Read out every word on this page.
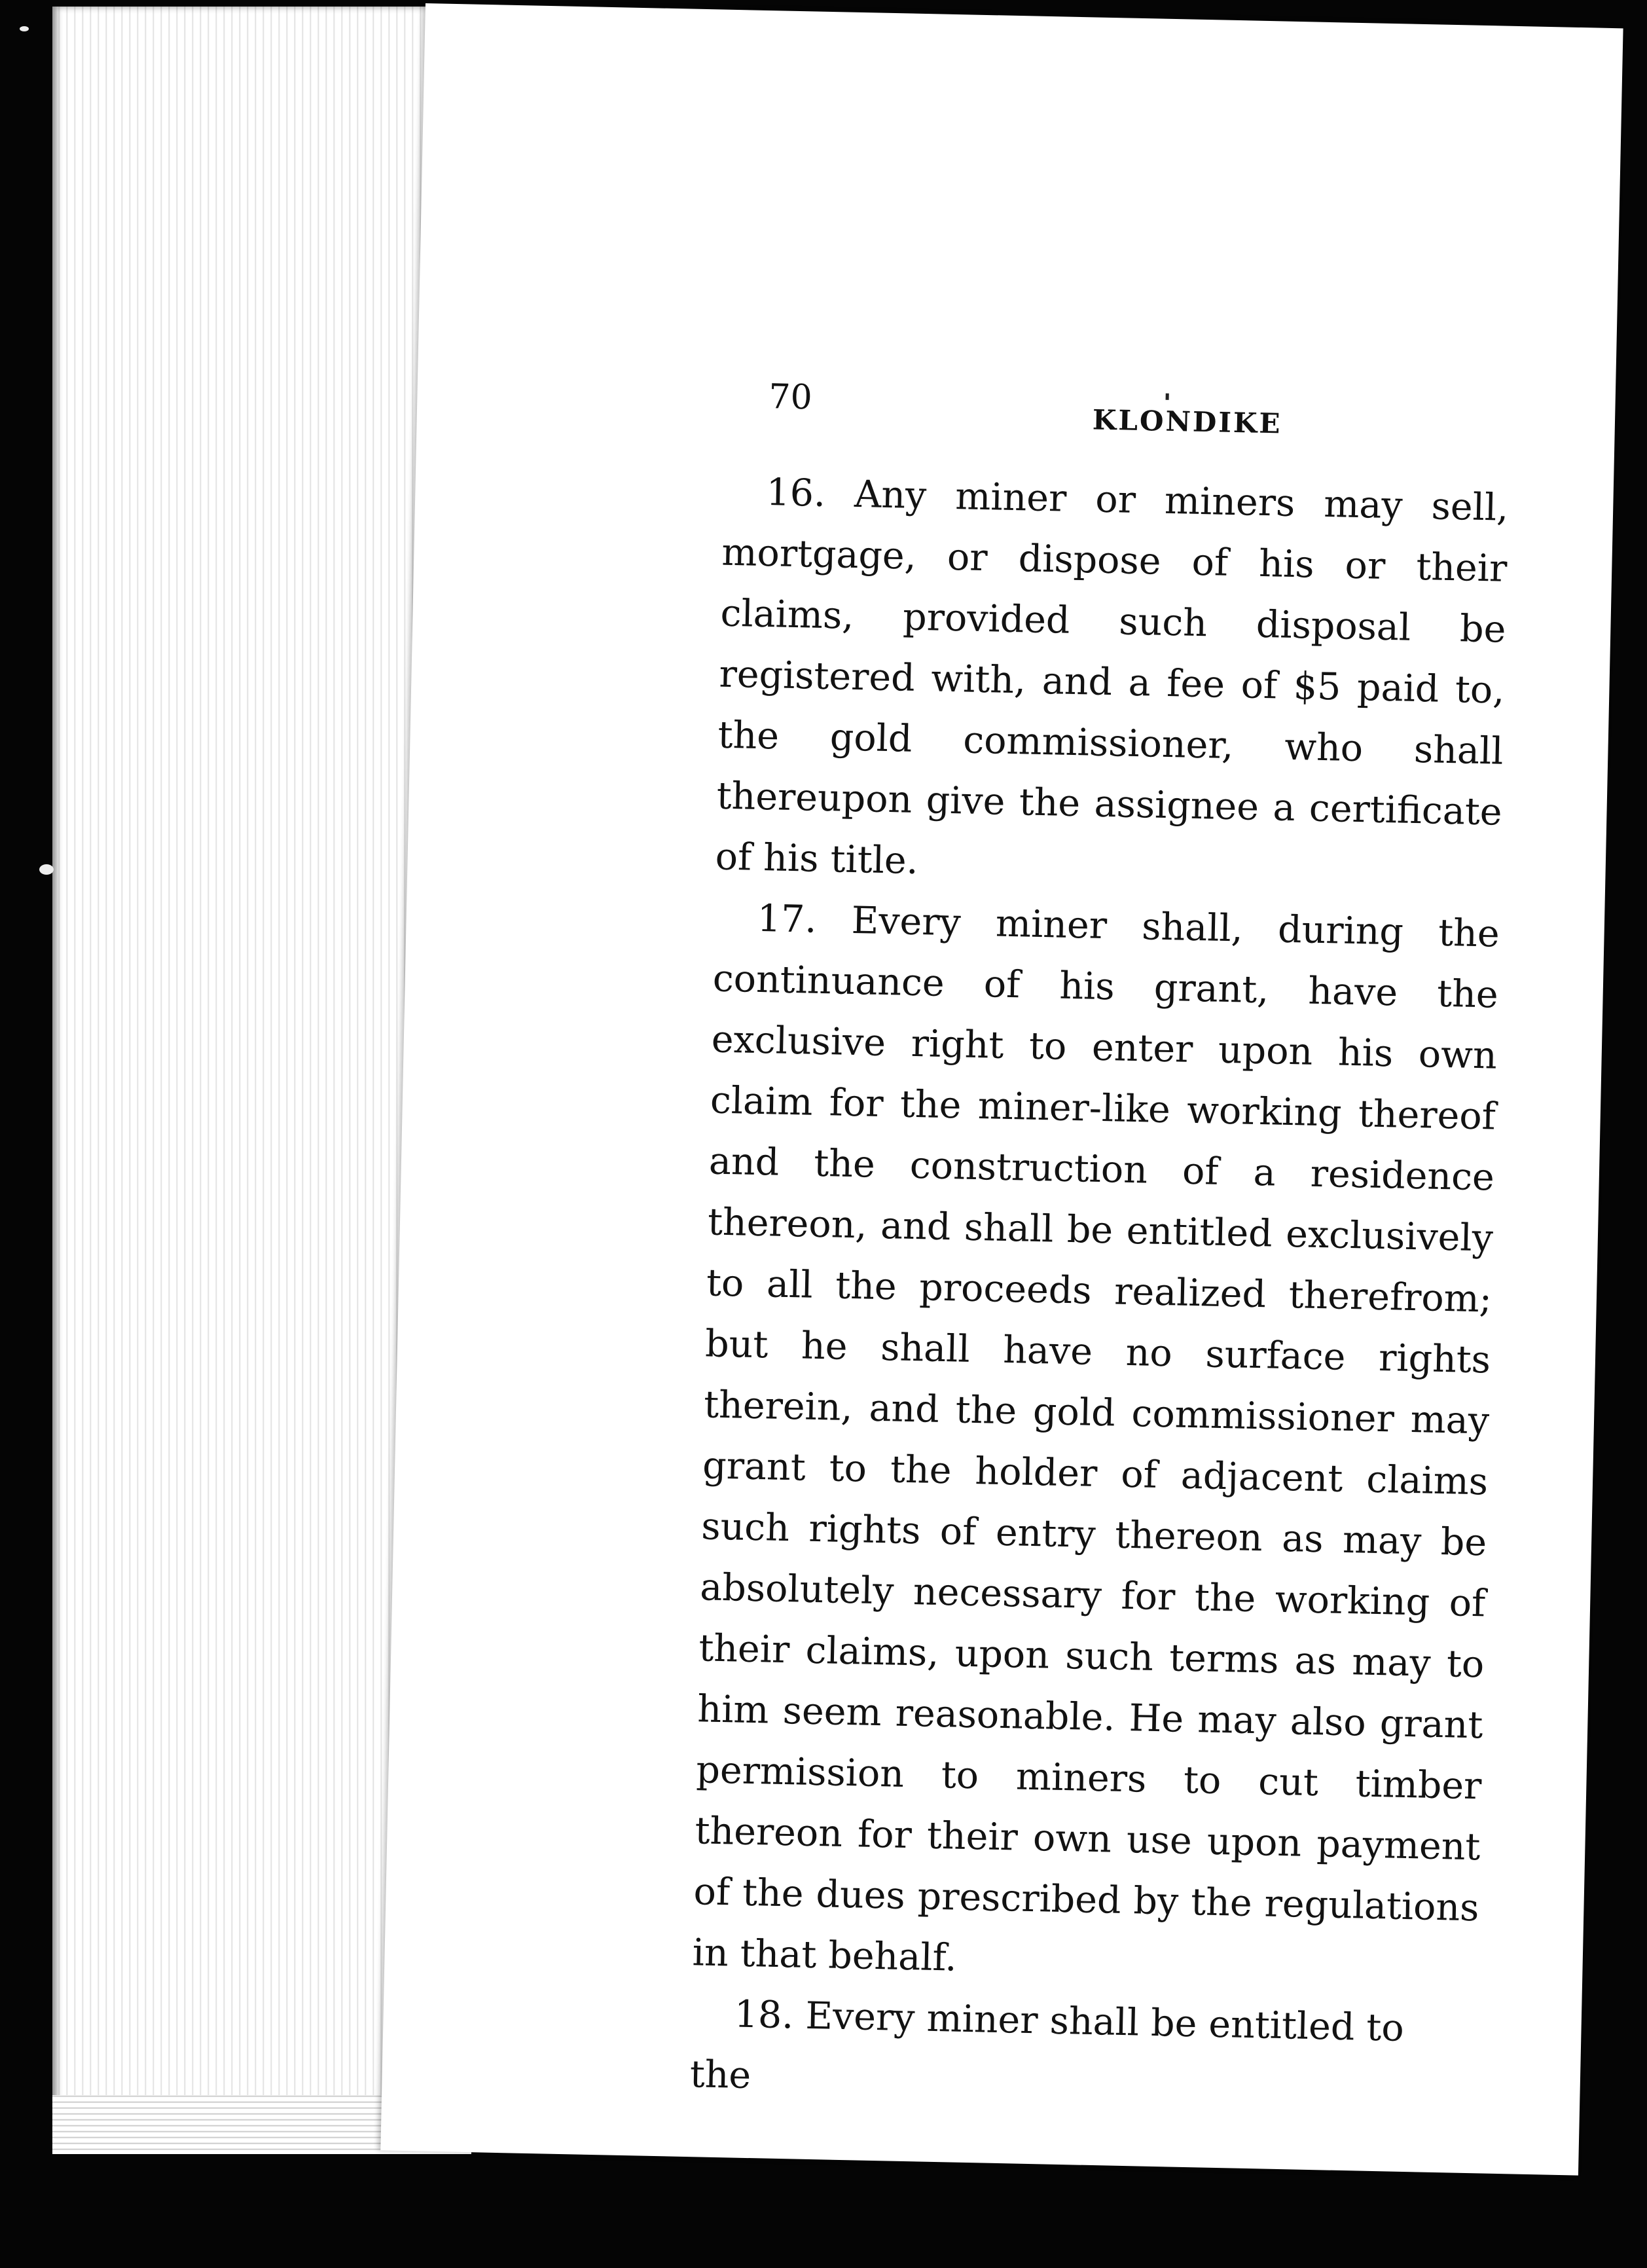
70
KLONDIKE

16. Any miner or miners may sell, mortgage, or dispose of his or their claims, provided such disposal be registered with, and a fee of $5 paid to, the gold commissioner, who shall thereupon give the assignee a certificate of his title.

17. Every miner shall, during the continuance of his grant, have the exclusive right to enter upon his own claim for the miner-like working thereof and the construction of a residence thereon, and shall be entitled exclusively to all the proceeds realized therefrom; but he shall have no surface rights therein, and the gold commissioner may grant to the holder of adjacent claims such rights of entry thereon as may be absolutely necessary for the working of their claims, upon such terms as may to him seem reasonable. He may also grant permission to miners to cut timber thereon for their own use upon payment of the dues prescribed by the regulations in that behalf.

18. Every miner shall be entitled to the
